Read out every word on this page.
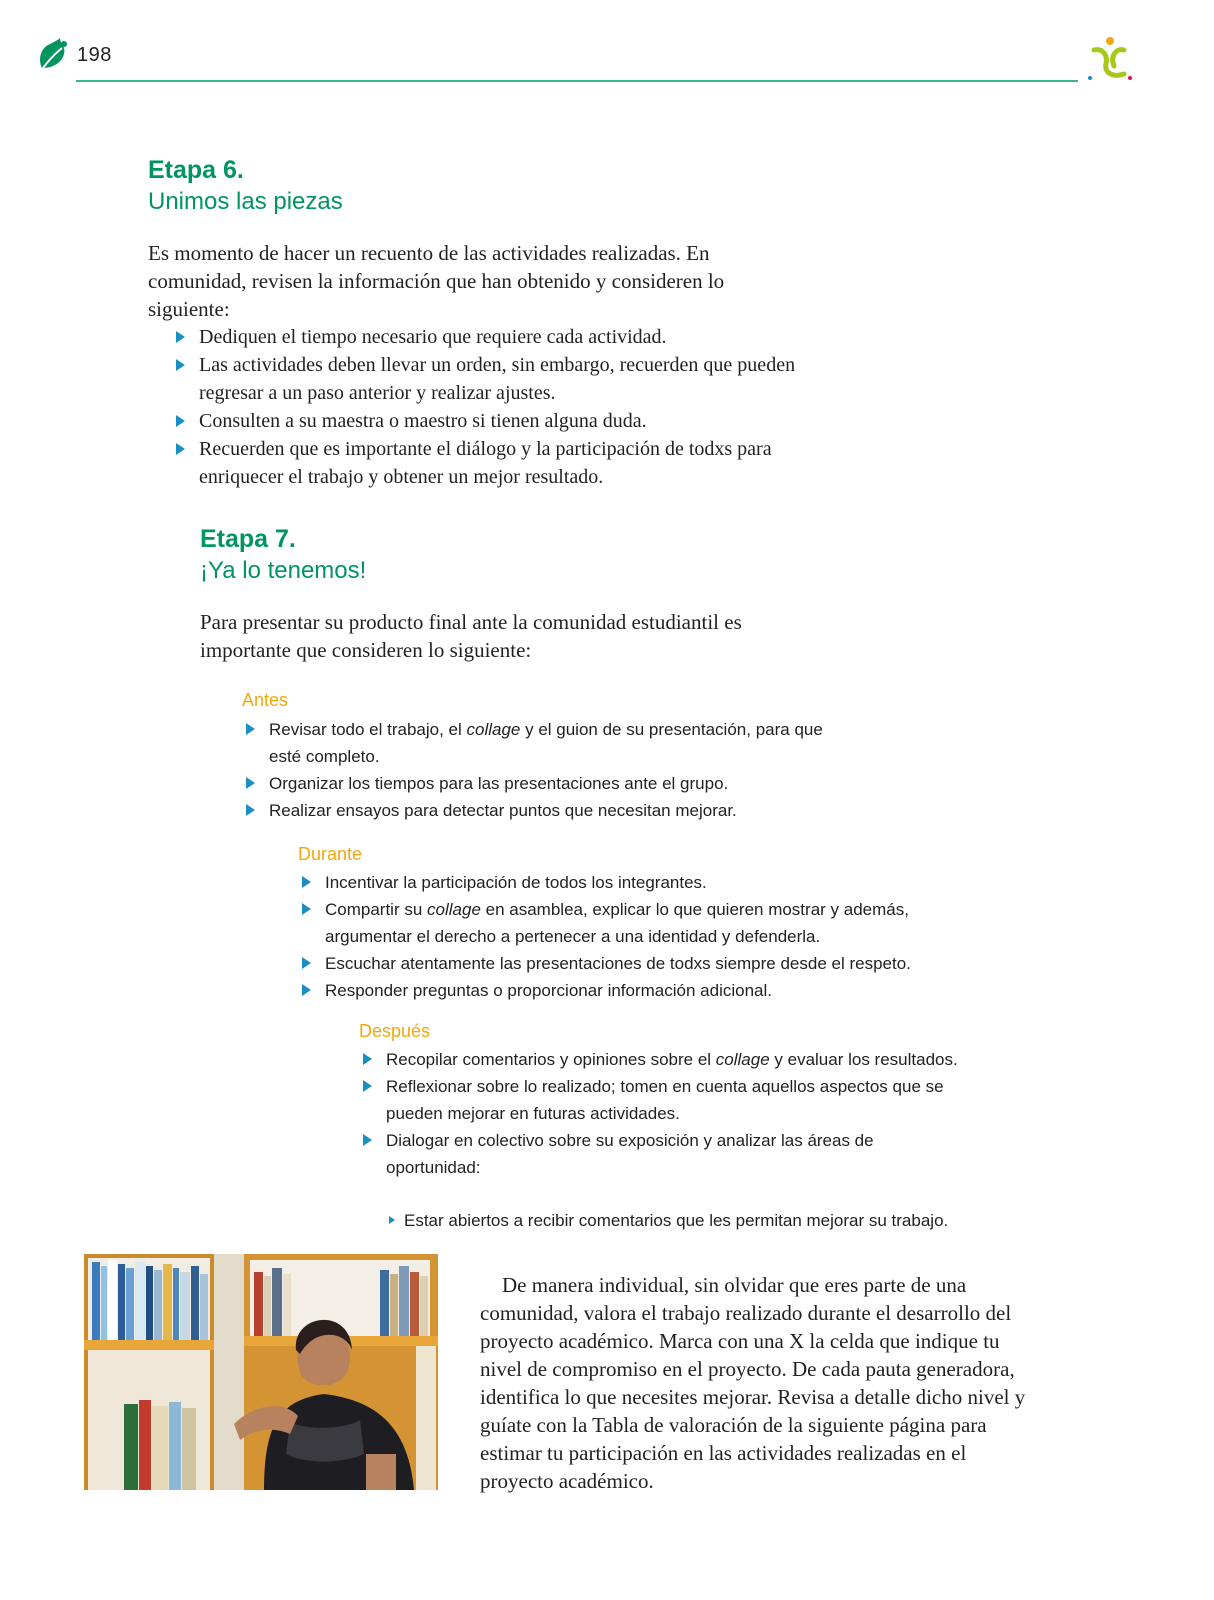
198
Etapa 6.
Unimos las piezas

Es momento de hacer un recuento de las actividades realizadas. En comunidad, revisen la información que han obtenido y consideren lo siguiente:

Dediquen el tiempo necesario que requiere cada actividad.
Las actividades deben llevar un orden, sin embargo, recuerden que pueden regresar a un paso anterior y realizar ajustes.
Consulten a su maestra o maestro si tienen alguna duda.
Recuerden que es importante el diálogo y la participación de todxs para enriquecer el trabajo y obtener un mejor resultado.
Etapa 7.
¡Ya lo tenemos!

Para presentar su producto final ante la comunidad estudiantil es importante que consideren lo siguiente:

Antes
Revisar todo el trabajo, el collage y el guion de su presentación, para que esté completo.
Organizar los tiempos para las presentaciones ante el grupo.
Realizar ensayos para detectar puntos que necesitan mejorar.
Durante
Incentivar la participación de todos los integrantes.
Compartir su collage en asamblea, explicar lo que quieren mostrar y además, argumentar el derecho a pertenecer a una identidad y defenderla.
Escuchar atentamente las presentaciones de todxs siempre desde el respeto.
Responder preguntas o proporcionar información adicional.
Después
Recopilar comentarios y opiniones sobre el collage y evaluar los resultados.
Reflexionar sobre lo realizado; tomen en cuenta aquellos aspectos que se pueden mejorar en futuras actividades.
Dialogar en colectivo sobre su exposición y analizar las áreas de oportunidad:
Estar abiertos a recibir comentarios que les permitan mejorar su trabajo.

De manera individual, sin olvidar que eres parte de una comunidad, valora el trabajo realizado durante el desarrollo del proyecto académico. Marca con una X la celda que indique tu nivel de compromiso en el proyecto. De cada pauta generadora, identifica lo que necesites mejorar. Revisa a detalle dicho nivel y guíate con la Tabla de valoración de la siguiente página para estimar tu participación en las actividades realizadas en el proyecto académico.
